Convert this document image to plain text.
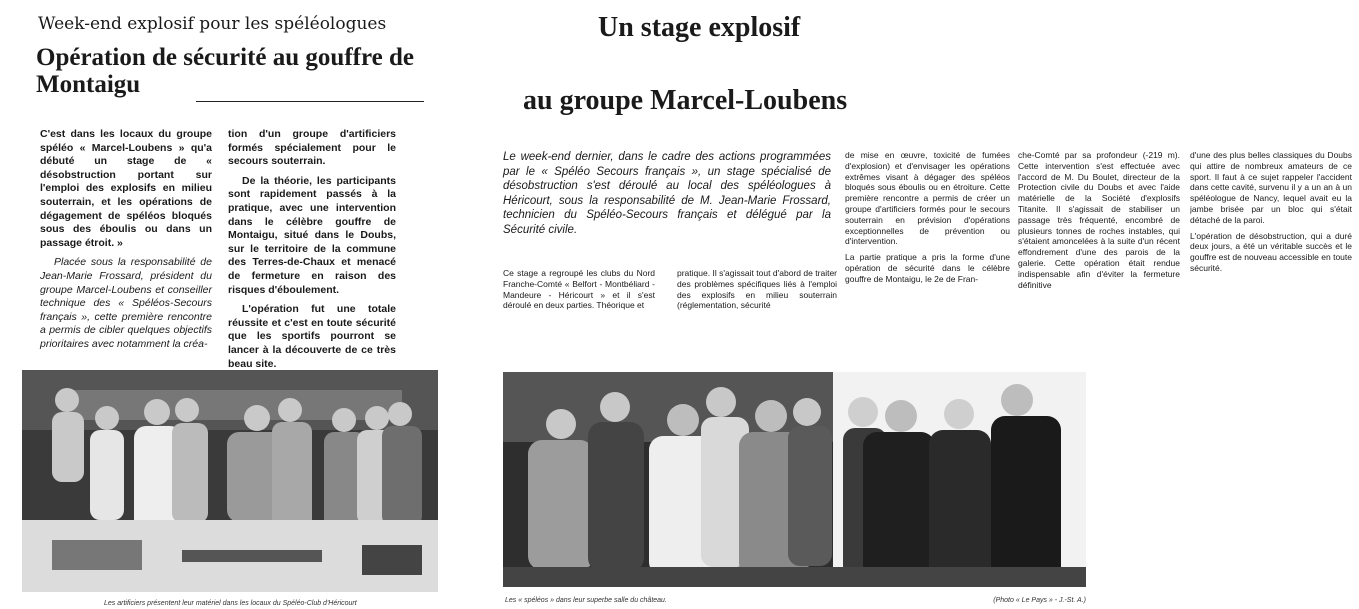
Week-end explosif pour les spéléologues
Opération de sécurité au gouffre de Montaigu

C'est dans les locaux du groupe spéléo « Marcel-Loubens » qu'a débuté un stage de « désobstruction portant sur l'emploi des explosifs en milieu souterrain, et les opérations de dégagement de spéléos bloqués sous des éboulis ou dans un passage étroit. »

Placée sous la responsabilité de Jean-Marie Frossard, président du groupe Marcel-Loubens et conseiller technique des « Spéléos-Secours français », cette première rencontre a permis de cibler quelques objectifs prioritaires avec notamment la créa-

tion d'un groupe d'artificiers formés spécialement pour le secours souterrain.

De la théorie, les participants sont rapidement passés à la pratique, avec une intervention dans le célèbre gouffre de Montaigu, situé dans le Doubs, sur le territoire de la commune des Terres-de-Chaux et menacé de fermeture en raison des risques d'éboulement.

L'opération fut une totale réussite et c'est en toute sécurité que les sportifs pourront se lancer à la découverte de ce très beau site.

Les artificiers présentent leur matériel dans les locaux du Spéléo-Club d'Héricourt
Un stage explosif
au groupe Marcel-Loubens
Le week-end dernier, dans le cadre des actions programmées par le « Spéléo Secours français », un stage spécialisé de désobstruction s'est déroulé au local des spéléologues à Héricourt, sous la responsabilité de M. Jean-Marie Frossard, technicien du Spéléo-Secours français et délégué par la Sécurité civile.

Ce stage a regroupé les clubs du Nord Franche-Comté « Belfort - Montbéliard - Mandeure - Héricourt » et il s'est déroulé en deux parties. Théorique et

pratique. Il s'agissait tout d'abord de traiter des problèmes spécifiques liés à l'emploi des explosifs en milieu souterrain (réglementation, sécurité

de mise en œuvre, toxicité de fumées d'explosion) et d'envisager les opérations extrêmes visant à dégager des spéléos bloqués sous éboulis ou en étroiture. Cette première rencontre a permis de créer un groupe d'artificiers formés pour le secours souterrain en prévision d'opérations exceptionnelles de prévention ou d'intervention.

La partie pratique a pris la forme d'une opération de sécurité dans le célèbre gouffre de Montaigu, le 2e de Fran-

che-Comté par sa profondeur (-219 m). Cette intervention s'est effectuée avec l'accord de M. Du Boulet, directeur de la Protection civile du Doubs et avec l'aide matérielle de la Société d'explosifs Titanite. Il s'agissait de stabiliser un passage très fréquenté, encombré de plusieurs tonnes de roches instables, qui s'étaient amoncelées à la suite d'un récent effondrement d'une des parois de la galerie. Cette opération était rendue indispensable afin d'éviter la fermeture définitive

d'une des plus belles classiques du Doubs qui attire de nombreux amateurs de ce sport. Il faut à ce sujet rappeler l'accident dans cette cavité, survenu il y a un an à un spéléologue de Nancy, lequel avait eu la jambe brisée par un bloc qui s'était détaché de la paroi.

L'opération de désobstruction, qui a duré deux jours, a été un véritable succès et le gouffre est de nouveau accessible en toute sécurité.

Les « spéléos » dans leur superbe salle du château.	(Photo « Le Pays » - J.-St. A.)
